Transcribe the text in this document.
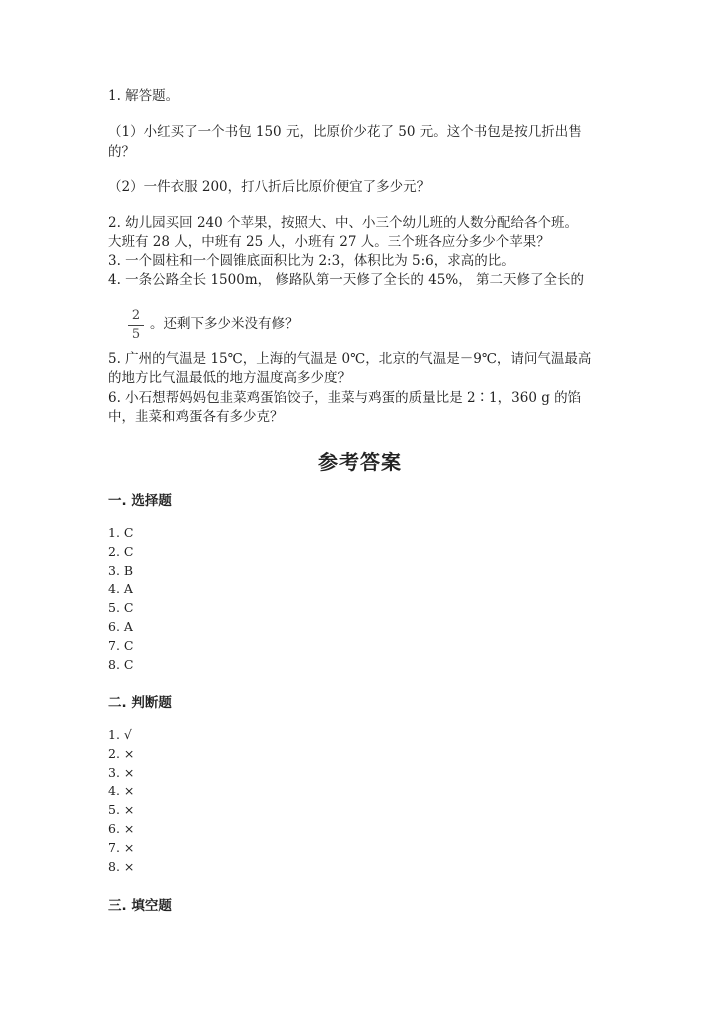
1. 解答题。
（1）小红买了一个书包 150 元，比原价少花了 50 元。这个书包是按几折出售
的？
（2）一件衣服 200，打八折后比原价便宜了多少元？
2. 幼儿园买回 240 个苹果，按照大、中、小三个幼儿班的人数分配给各个班。
大班有 28 人，中班有 25 人，小班有 27 人。三个班各应分多少个苹果？
3. 一个圆柱和一个圆锥底面积比为 2:3，体积比为 5:6，求高的比。
4. 一条公路全长 1500m， 修路队第一天修了全长的 45%， 第二天修了全长的
2
5
。还剩下多少米没有修？
5. 广州的气温是 15℃，上海的气温是 0℃，北京的气温是－9℃，请问气温最高
的地方比气温最低的地方温度高多少度？
6. 小石想帮妈妈包韭菜鸡蛋馅饺子，韭菜与鸡蛋的质量比是 2∶1，360 g 的馅
中，韭菜和鸡蛋各有多少克？
参考答案
一. 选择题
1. C
2. C
3. B
4. A
5. C
6. A
7. C
8. C
二. 判断题
1. √
2. ×
3. ×
4. ×
5. ×
6. ×
7. ×
8. ×
三. 填空题
